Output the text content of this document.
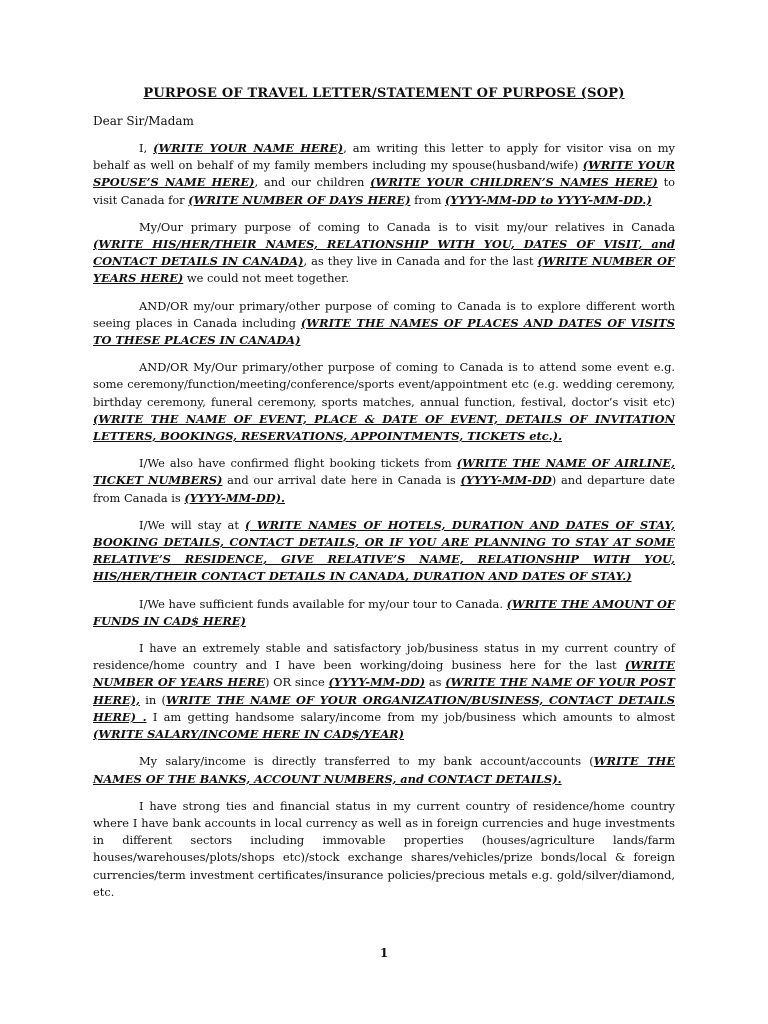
PURPOSE OF TRAVEL LETTER/STATEMENT OF PURPOSE (SOP)
Dear Sir/Madam
I, (WRITE YOUR NAME HERE), am writing this letter to apply for visitor visa on my behalf as well on behalf of my family members including my spouse(husband/wife) (WRITE YOUR SPOUSE’S NAME HERE), and our children (WRITE YOUR CHILDREN’S NAMES HERE) to visit Canada for (WRITE NUMBER OF DAYS HERE) from (YYYY-MM-DD to YYYY-MM-DD.)
My/Our primary purpose of coming to Canada is to visit my/our relatives in Canada (WRITE HIS/HER/THEIR NAMES, RELATIONSHIP WITH YOU, DATES OF VISIT, and CONTACT DETAILS IN CANADA), as they live in Canada and for the last (WRITE NUMBER OF YEARS HERE) we could not meet together.
AND/OR my/our primary/other purpose of coming to Canada is to explore different worth seeing places in Canada including (WRITE THE NAMES OF PLACES AND DATES OF VISITS TO THESE PLACES IN CANADA)
AND/OR My/Our primary/other purpose of coming to Canada is to attend some event e.g. some ceremony/function/meeting/conference/sports event/appointment etc (e.g. wedding ceremony, birthday ceremony, funeral ceremony, sports matches, annual function, festival, doctor’s visit etc) (WRITE THE NAME OF EVENT, PLACE & DATE OF EVENT, DETAILS OF INVITATION LETTERS, BOOKINGS, RESERVATIONS, APPOINTMENTS, TICKETS etc.).
I/We also have confirmed flight booking tickets from (WRITE THE NAME OF AIRLINE, TICKET NUMBERS) and our arrival date here in Canada is (YYYY-MM-DD) and departure date from Canada is (YYYY-MM-DD).
I/We will stay at ( WRITE NAMES OF HOTELS, DURATION AND DATES OF STAY, BOOKING DETAILS, CONTACT DETAILS, OR IF YOU ARE PLANNING TO STAY AT SOME RELATIVE’S RESIDENCE, GIVE RELATIVE’S NAME, RELATIONSHIP WITH YOU, HIS/HER/THEIR CONTACT DETAILS IN CANADA, DURATION AND DATES OF STAY.)
I/We have sufficient funds available for my/our tour to Canada. (WRITE THE AMOUNT OF FUNDS IN CAD$ HERE)
I have an extremely stable and satisfactory job/business status in my current country of residence/home country and I have been working/doing business here for the last (WRITE NUMBER OF YEARS HERE) OR since (YYYY-MM-DD) as (WRITE THE NAME OF YOUR POST HERE), in (WRITE THE NAME OF YOUR ORGANIZATION/BUSINESS, CONTACT DETAILS HERE) . I am getting handsome salary/income from my job/business which amounts to almost (WRITE SALARY/INCOME HERE IN CAD$/YEAR)
My salary/income is directly transferred to my bank account/accounts (WRITE THE NAMES OF THE BANKS, ACCOUNT NUMBERS, and CONTACT DETAILS).
I have strong ties and financial status in my current country of residence/home country where I have bank accounts in local currency as well as in foreign currencies and huge investments in different sectors including immovable properties (houses/agriculture lands/farm houses/warehouses/plots/shops etc)/stock exchange shares/vehicles/prize bonds/local & foreign currencies/term investment certificates/insurance policies/precious metals e.g. gold/silver/diamond, etc.
1
